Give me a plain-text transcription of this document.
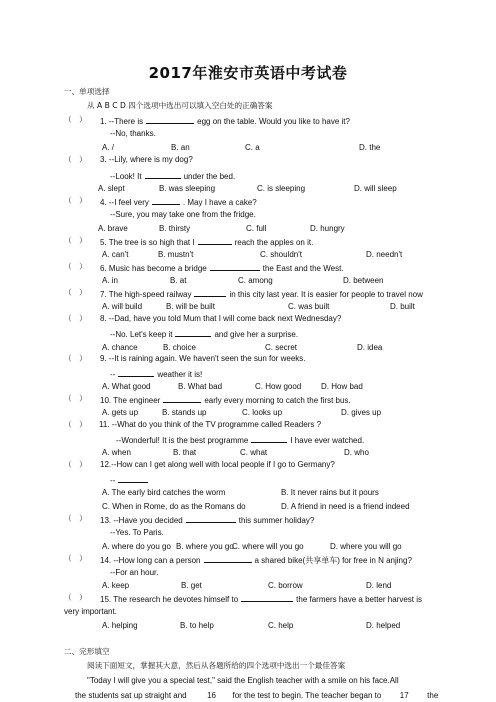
2017年淮安市英语中考试卷
一、单项选择
从 A B C D 四个选项中选出可以填入空白处的正确答案
（　） 1. --There is	egg on the table. Would you like to have it?
--No, thanks.
A. /	B. an	C. a	D. the
（　） 3. --Lily, where is my dog?
--Look! It	under the bed.
A. slept	B. was sleeping	C. is sleeping	D. will sleep
（　） 4. --I feel very	. May I have a cake?
--Sure, you may take one from the fridge.
A. brave	B. thirsty	C. full	D. hungry
（　） 5. The tree is so high that I	reach the apples on it.
A. can't	B. mustn't	C. shouldn't	D. needn't
（　） 6. Music has become a bridge	the East and the West.
A. in	B. at	C. among	D. between
（　） 7. The high-speed railway	in this city last year. It is easier for people to travel now
A. will build	B. will be built	C. was built	D. built
（　） 8. --Dad, have you told Mum that I will come back next Wednesday?
--No. Let's keep it	and give her a surprise.
A. chance	B. choice	C. secret	D. idea
（　） 9. --It is raining again. We haven't seen the sun for weeks.
--	weather it is!
A. What good	B. What bad	C. How good D. How bad
（　） 10. The engineer	early every morning to catch the first bus.
A. gets up	B. stands up	C. looks up	D. gives up
（　） 11. --What do you think of the TV programme called Readers ?
--Wonderful! It is the best programme	I have ever watched.
A. when	B. that	C. what	D. who
（　） 12.--How can I get along well with local people if I go to Germany?
--
A. The early bird catches the worm	B. It never rains but it pours
C. When in Rome, do as the Romans do	D. A friend in need is a friend indeed
（　） 13. --Have you decided	this summer holiday?
--Yes. To Paris.
A. where do you go B. where you go
C. where will you go	D. where you will go
（　） 14. --How long can a person	a shared bike(共享单车) for free in N anjing?
--For an hour.
A. keep	B. get	C. borrow	D. lend
（　） 15. The research he devotes himself to	the farmers have a better harvest is
very important.
A. helping	B. to help	C. help	D. helped
二、完形填空
阅读下面短文，掌握其大意，然后从各题所给的四个选项中选出一个最佳答案
"Today I will give you a special test," said the English teacher with a smile on his face.All
the students sat up straight and	16 for the test to begin. The teacher began to 17 the
